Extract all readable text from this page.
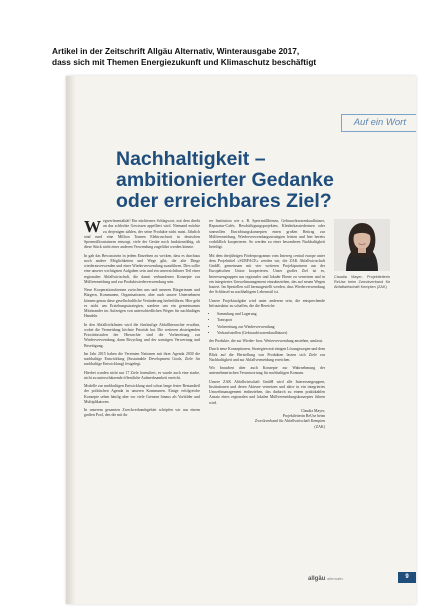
Artikel in der Zeitschrift Allgäu Alternativ, Winterausgabe 2017,
dass sich mit Themen Energiezukunft und Klimaschutz beschäftigt
Auf ein Wort
Nachhaltigkeit –
ambitionierter Gedanke
oder erreichbares Ziel?

Wegwerfmentalität! Ein nüchternes Schlagwort, mit dem direkt an das schlechte Gewissen appelliert wird. Niemand möchte zu derjenigen zählen, der seine Produkte nicht nutzt. Jährlich sind rund eine Million Tonnen Elektroschrott in deutschen Sperrmüllcontainern entsorgt, viele der Geräte noch funktionsfähig, ob diese Stück nicht einer anderen Verwendung zugeführt werden könnte.

In gab das Bewusstsein in jedem Einzelnen zu wecken, dass es durchaus noch andere Möglichkeiten und Wege gibt, die alte Dinge wiederzuverwenden und einer Wiederverwendung zuzuführen. Dies sollte eine unserer wichtigsten Aufgaben sein und ein unverzichtbarer Teil einer regionalen Abfallwirtschaft, die damit verbundenen Konzepte zur Müllvermeidung und zur Produktwiederverwendung sein.

Neue Kooperationsformen zwischen uns und unseren Bürgerinnen und Bürgern, Kommunen, Organisationen, aber auch unsere Unternehmen können genau diese gesellschaftliche Veränderung herbeiführen. Hier geht es nicht um Erziehungsstrategien, sondern um ein gemeinsames Miteinander im Aufzeigen von unterschiedlichen Wegen für nachhaltiges Handeln.

In den Abfallrichtlinien wird die fünfstufige Abfallhierarchie erwähnt, wobei die Vermeidung höchste Priorität hat. Die weiteren absteigenden Prioritätsstufen der Hierarchie sind die Vorbereitung zur Wiederverwendung, dann Recycling und der sonstigen Verwertung und Beseitigung.

Im Jahr 2015 haben die Vereinten Nationen mit ihrer Agenda 2030 die nachhaltige Entwicklung (Sustainable Development Goals, Ziele für nachhaltige Entwicklung) festgelegt.

Hierbei wurden nicht nur 17 Ziele formuliert, es wurde auch eine starke, nicht zu unterschätzende öffentliche Aufmerksamkeit erreicht.

Modelle zur nachhaltigen Entwicklung sind schon lange fester Bestandteil der politischen Agenda in unseren Kommunen. Einige erfolgreiche Konzepte sehen häufig aber vor viele Grenzen hinaus als Vorbilder und Multiplikatoren.

In unserem gesamten Zweckverbandsgebiet schöpfen wir aus einem großen Pool, den die mit ihr

rer Institution wie z. B. Sperrmüllbörsen, Gebrauchtwarenkaufhäuser, Reparatur-Cafés, Beschäftigungsprojekten, Kleiderkassiederinen oder sinnvollen Einrichtungskonzepten einen großen Beitrag zur Müllvermeidung, Wiederverwendungsstrategien leisten und hier bereits vorbildlich kooperieren. So werden zu einer besonderen Nachhaltigkeit beteiligt.

Mit dem dreijährigen Förderprogramm vom Interreg central europe unter dem Projekttitel »SURFACE« werden wir, die ZAK Abfallwirtschaft GmbH, gemeinsam mit vier weiteren Projektpartnern aus der Europäischen Union kooperieren. Unser großes Ziel ist es, Interessengruppen aus regionaler und lokaler Ebene zu vernetzen und in ein integriertes Umweltmanagement einzubeziehen, das auf neuen Wegen basiert. Im Speziellen soll herausgestellt werden, dass Wiederverwendung der Schlüssel zu nachhaltigem Lebensstil ist.

Unsere Projektaufgabe wird unter anderem sein, die entsprechende Infrastruktur zu schaffen, die die Bereiche

• Sammlung und Lagerung
• Transport
• Vorbereitung zur Wiederverwendung
• Verkaufsstellen (Gebrauchtwarenkaufhäuser)

der Produkte, die zur Wieder- bzw. Weiterverwendung anstehen, umfasst.

Durch neue Konzeptionen, Strategien mit einigen Lösungswegen und dem Blick auf die Herstellung von Produkten lassen sich Ziele zur Nachhaltigkeit und zur Abfallvermeidung erreichen.

Wir brauchen aber auch Konzepte zur Wahrnehmung der unternehmerischen Verantwortung für nachhaltigen Konsum.

Unsere ZAK Abfallwirtschaft GmbH wird alle Interessengruppen, Institutionen und deren Akteure vernetzen und aktiv in ein integriertes Umweltmanagement einbeziehen, das dadurch zu einem praktikablen Ansatz eines regionalen und lokalen Müllvermeidungskonzeptes führen wird.

Claudia Mayer,
Projektleiterin ReUse beim
Zweckverband für Abfallwirtschaft Kempten
(ZAK)

Claudia Mayer, Projektleiterin ReUse beim Zweckverband für Abfallwirtschaft Kempten (ZAK)

allgäu alternativ	9
